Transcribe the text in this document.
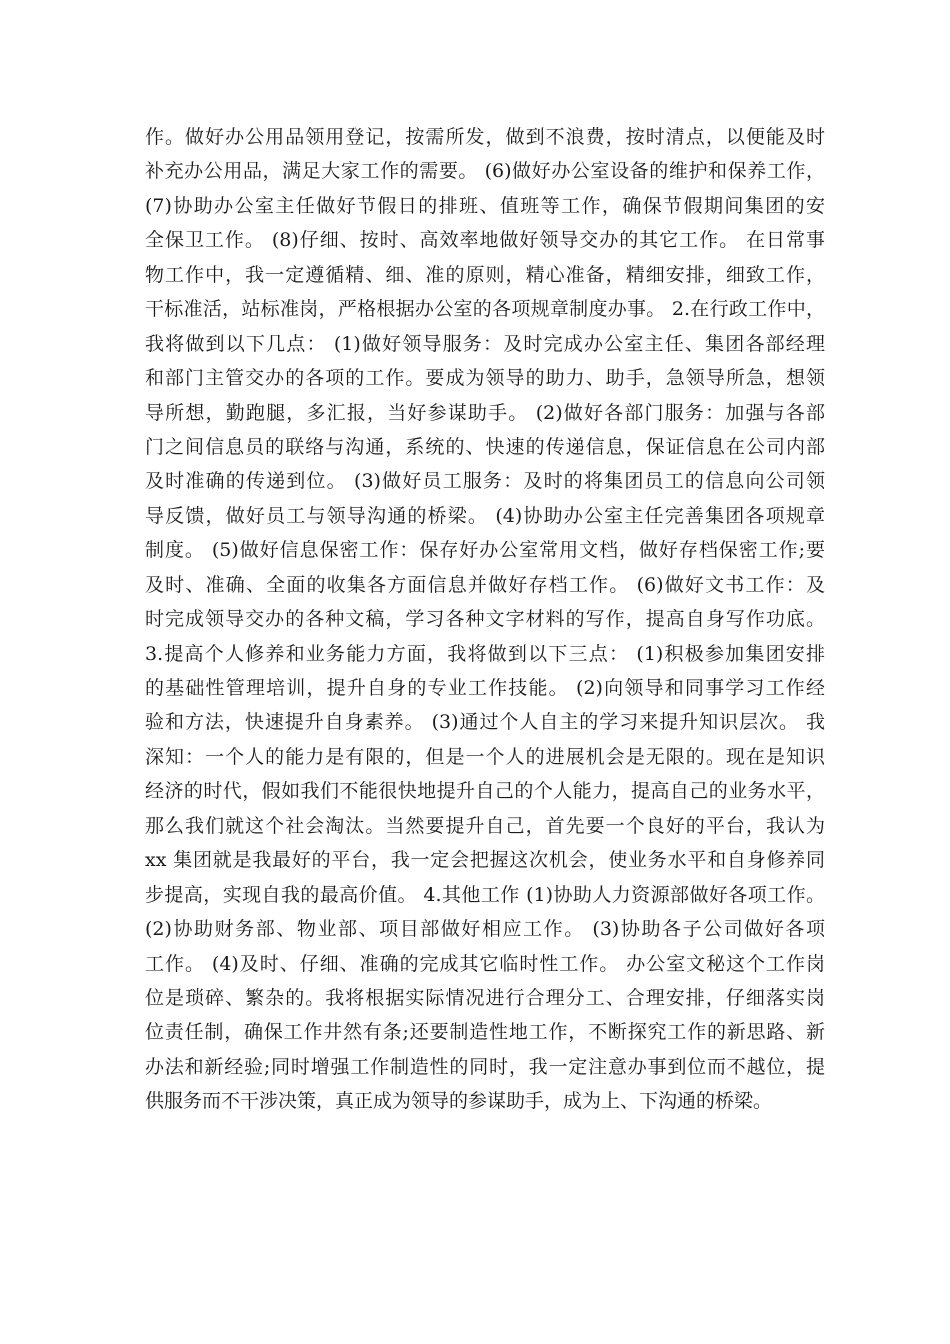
作。做好办公用品领用登记，按需所发，做到不浪费，按时清点，以便能及时
补充办公用品，满足大家工作的需要。 (6)做好办公室设备的维护和保养工作，
(7)协助办公室主任做好节假日的排班、值班等工作，确保节假期间集团的安
全保卫工作。 (8)仔细、按时、高效率地做好领导交办的其它工作。 在日常事
物工作中，我一定遵循精、细、准的原则，精心准备，精细安排，细致工作，
干标准活，站标准岗，严格根据办公室的各项规章制度办事。 2.在行政工作中，
我将做到以下几点： (1)做好领导服务：及时完成办公室主任、集团各部经理
和部门主管交办的各项的工作。要成为领导的助力、助手，急领导所急，想领
导所想，勤跑腿，多汇报，当好参谋助手。 (2)做好各部门服务：加强与各部
门之间信息员的联络与沟通，系统的、快速的传递信息，保证信息在公司内部
及时准确的传递到位。 (3)做好员工服务：及时的将集团员工的信息向公司领
导反馈，做好员工与领导沟通的桥梁。 (4)协助办公室主任完善集团各项规章
制度。 (5)做好信息保密工作：保存好办公室常用文档，做好存档保密工作;要
及时、准确、全面的收集各方面信息并做好存档工作。 (6)做好文书工作：及
时完成领导交办的各种文稿，学习各种文字材料的写作，提高自身写作功底。
3.提高个人修养和业务能力方面，我将做到以下三点： (1)积极参加集团安排
的基础性管理培训，提升自身的专业工作技能。 (2)向领导和同事学习工作经
验和方法，快速提升自身素养。 (3)通过个人自主的学习来提升知识层次。 我
深知：一个人的能力是有限的，但是一个人的进展机会是无限的。现在是知识
经济的时代，假如我们不能很快地提升自己的个人能力，提高自己的业务水平，
那么我们就这个社会淘汰。当然要提升自己，首先要一个良好的平台，我认为
xx 集团就是我最好的平台，我一定会把握这次机会，使业务水平和自身修养同
步提高，实现自我的最高价值。 4.其他工作 (1)协助人力资源部做好各项工作。
(2)协助财务部、物业部、项目部做好相应工作。 (3)协助各子公司做好各项
工作。 (4)及时、仔细、准确的完成其它临时性工作。 办公室文秘这个工作岗
位是琐碎、繁杂的。我将根据实际情况进行合理分工、合理安排，仔细落实岗
位责任制，确保工作井然有条;还要制造性地工作，不断探究工作的新思路、新
办法和新经验;同时增强工作制造性的同时，我一定注意办事到位而不越位，提
供服务而不干涉决策，真正成为领导的参谋助手，成为上、下沟通的桥梁。
